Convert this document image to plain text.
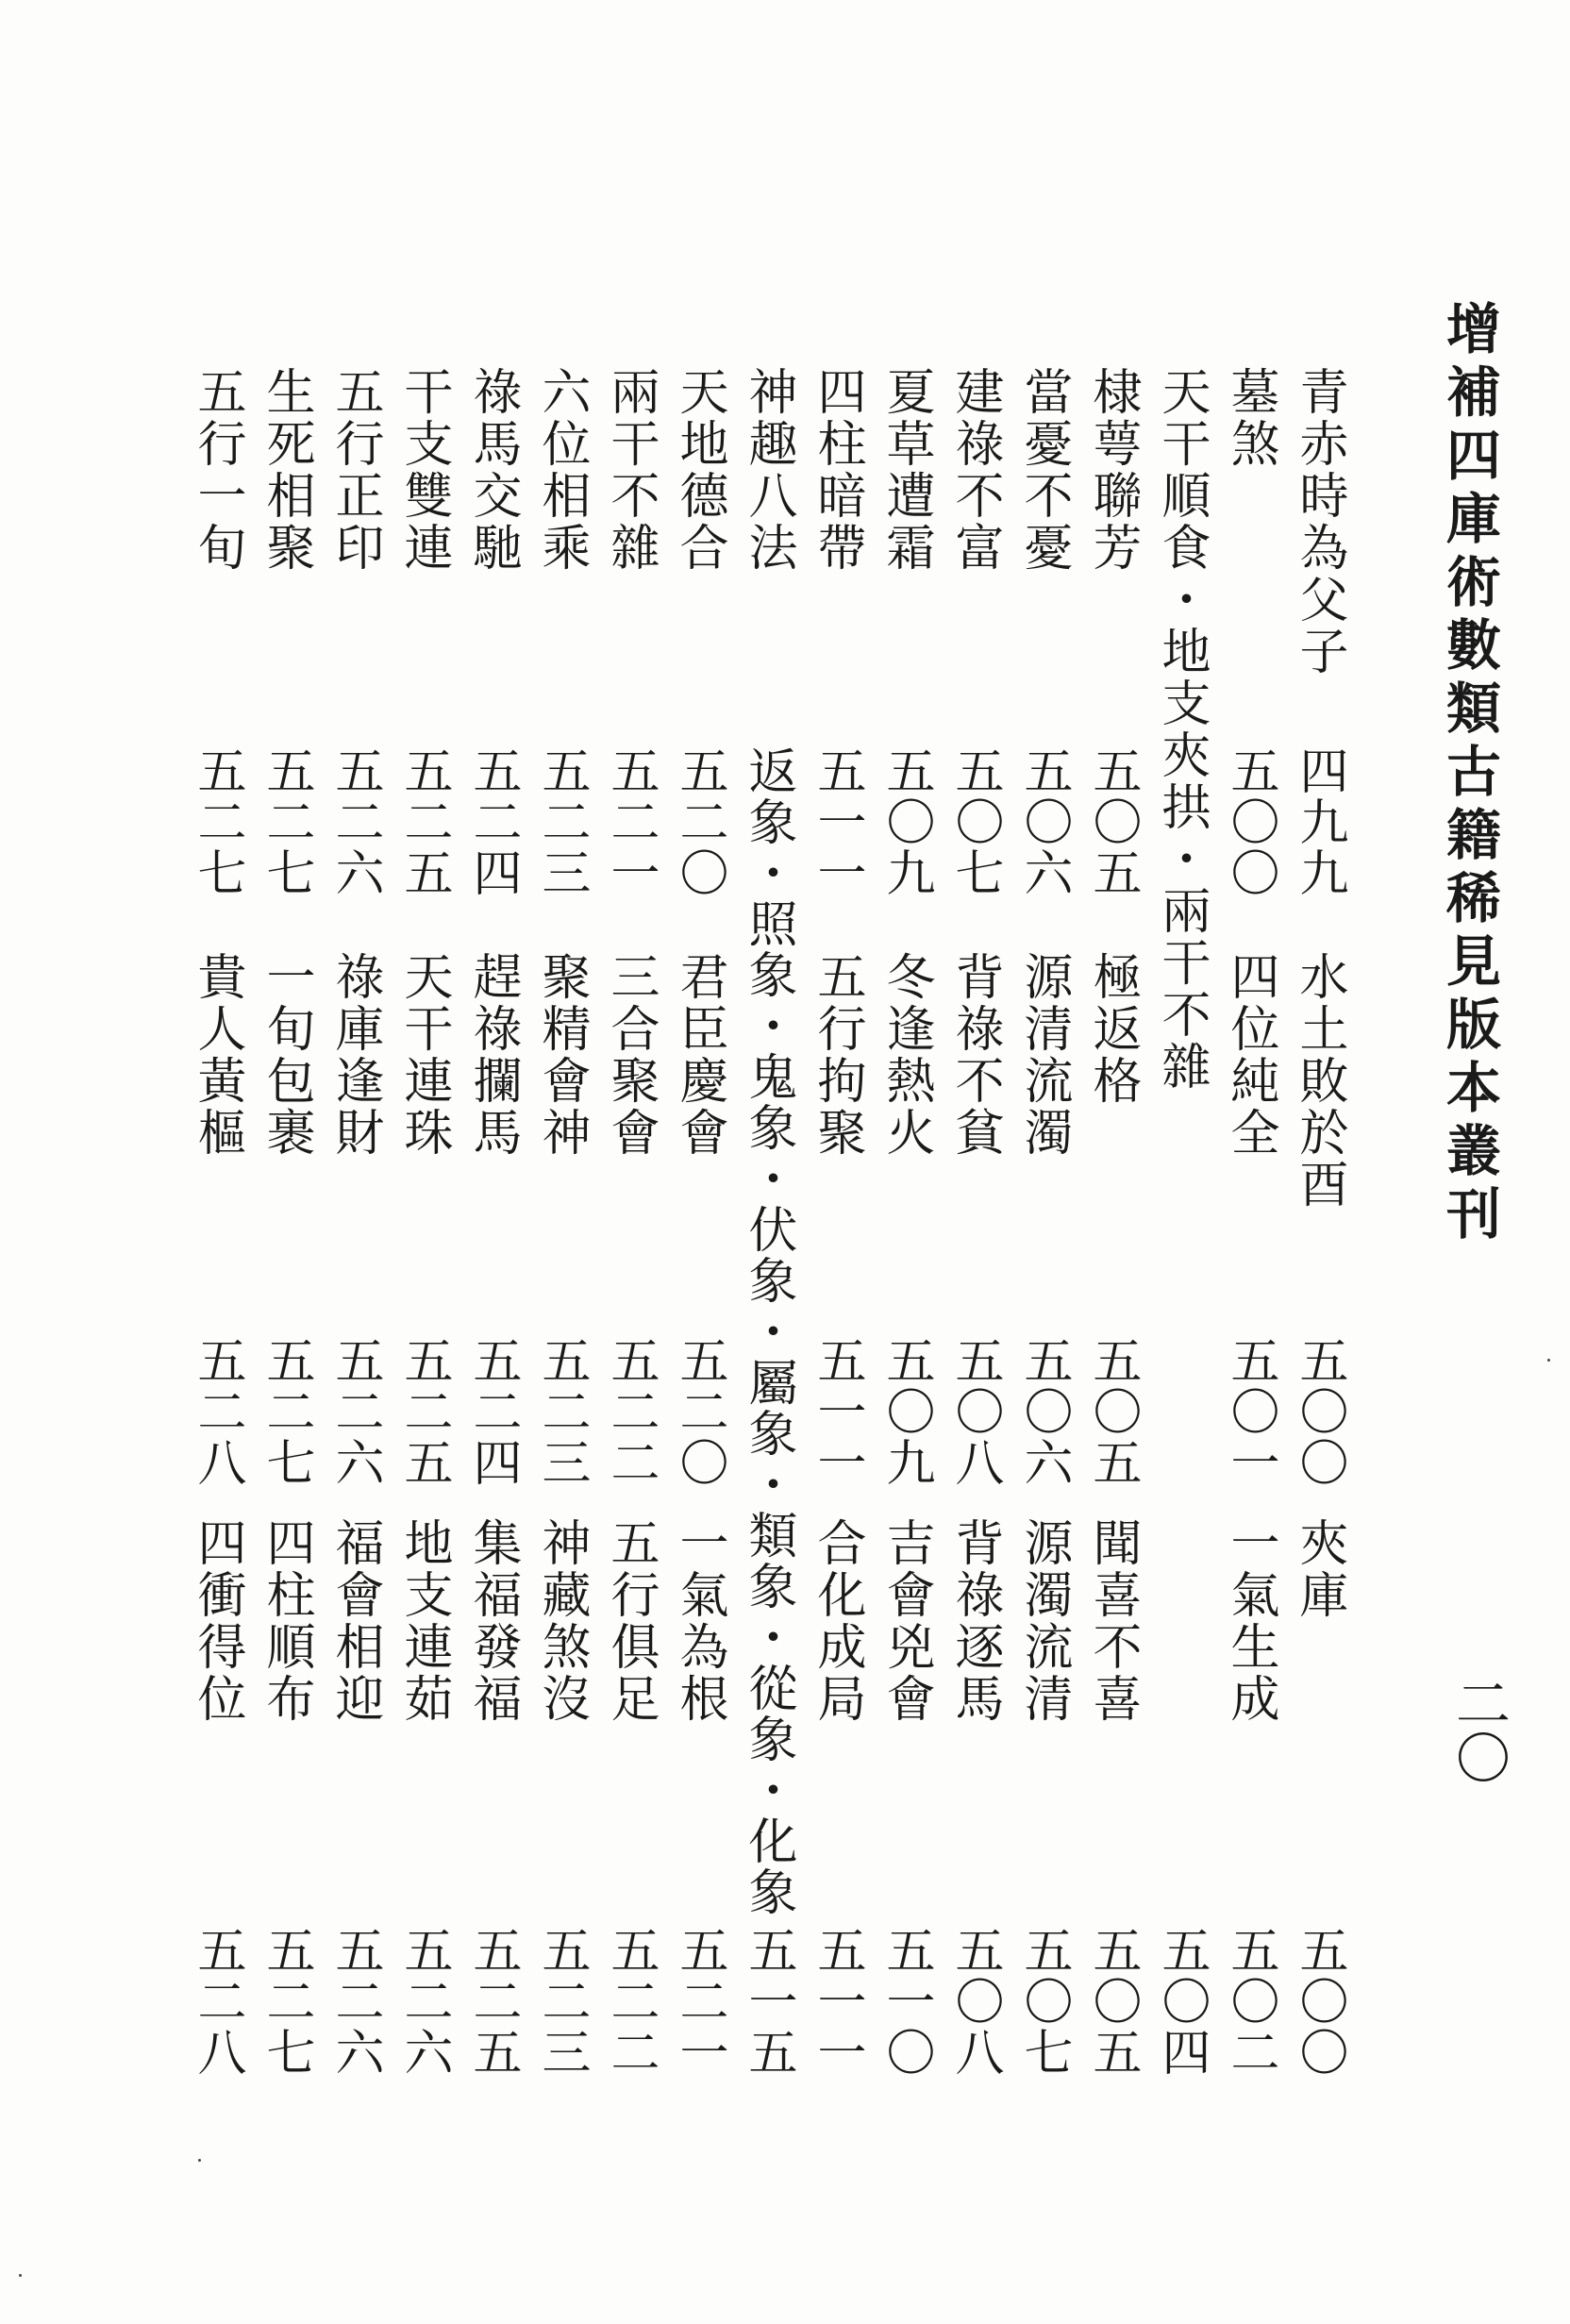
增補四庫術數類古籍稀見版本叢刊
二〇
青赤時為父子
四九九
水土敗於酉
五〇〇
夾庫
五〇〇
墓煞
五〇〇
四位純全
五〇一
一氣生成
五〇二
天干順食・地支夾拱・兩干不雜
五〇四
棣萼聯芳
五〇五
極返格
五〇五
聞喜不喜
五〇五
當憂不憂
五〇六
源清流濁
五〇六
源濁流清
五〇七
建祿不富
五〇七
背祿不貧
五〇八
背祿逐馬
五〇八
夏草遭霜
五〇九
冬逢熱火
五〇九
吉會兇會
五一〇
四柱暗帶
五一一
五行拘聚
五一一
合化成局
五一一
神趣八法
返象・照象・鬼象・伏象・屬象・類象・從象・化象
五一五
天地德合
五二〇
君臣慶會
五二〇
一氣為根
五二一
兩干不雜
五二一
三合聚會
五二二
五行俱足
五二二
六位相乘
五二三
聚精會神
五二三
神藏煞沒
五二三
祿馬交馳
五二四
趕祿攔馬
五二四
集福發福
五二五
干支雙連
五二五
天干連珠
五二五
地支連茹
五二六
五行正印
五二六
祿庫逢財
五二六
福會相迎
五二六
生死相聚
五二七
一旬包裹
五二七
四柱順布
五二七
五行一旬
五二七
貴人黃樞
五二八
四衝得位
五二八
